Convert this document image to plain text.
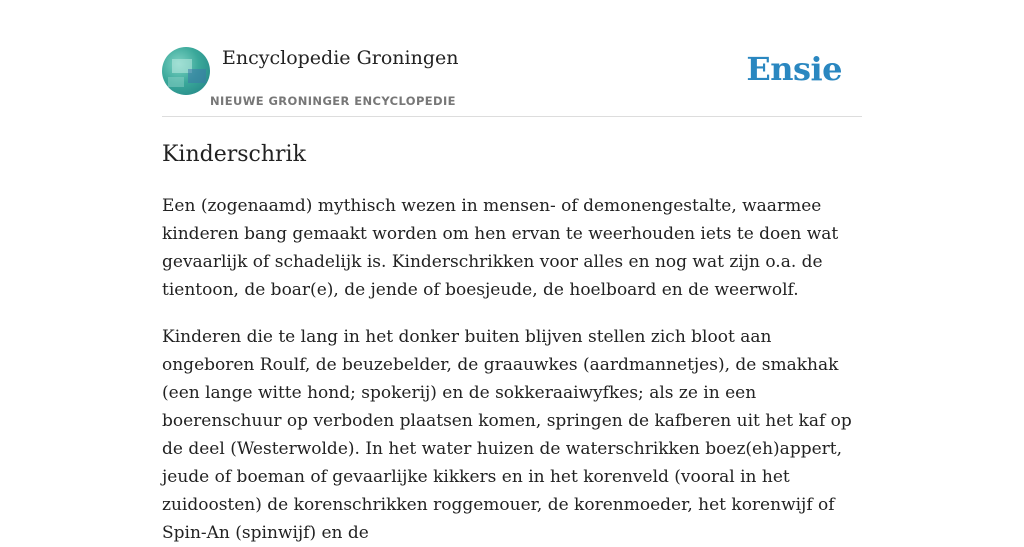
Encyclopedie Groningen
NIEUWE GRONINGER ENCYCLOPEDIE
Ensie
Kinderschrik

Een (zogenaamd) mythisch wezen in mensen- of demonengestalte, waarmee kinderen bang gemaakt worden om hen ervan te weerhouden iets te doen wat gevaarlijk of schadelijk is. Kinderschrikken voor alles en nog wat zijn o.a. de tientoon, de boar(e), de jende of boesjeude, de hoelboard en de weerwolf.

Kinderen die te lang in het donker buiten blijven stellen zich bloot aan ongeboren Roulf, de beuzebelder, de graauwkes (aardmannetjes), de smakhak (een lange witte hond; spokerij) en de sokkeraaiwyfkes; als ze in een boerenschuur op verboden plaatsen komen, springen de kafberen uit het kaf op de deel (Westerwolde). In het water huizen de waterschrikken boez(eh)appert, jeude of boeman of gevaarlijke kikkers en in het korenveld (vooral in het zuidoosten) de korenschrikken roggemouer, de korenmoeder, het korenwijf of Spin-An (spinwijf) en de
